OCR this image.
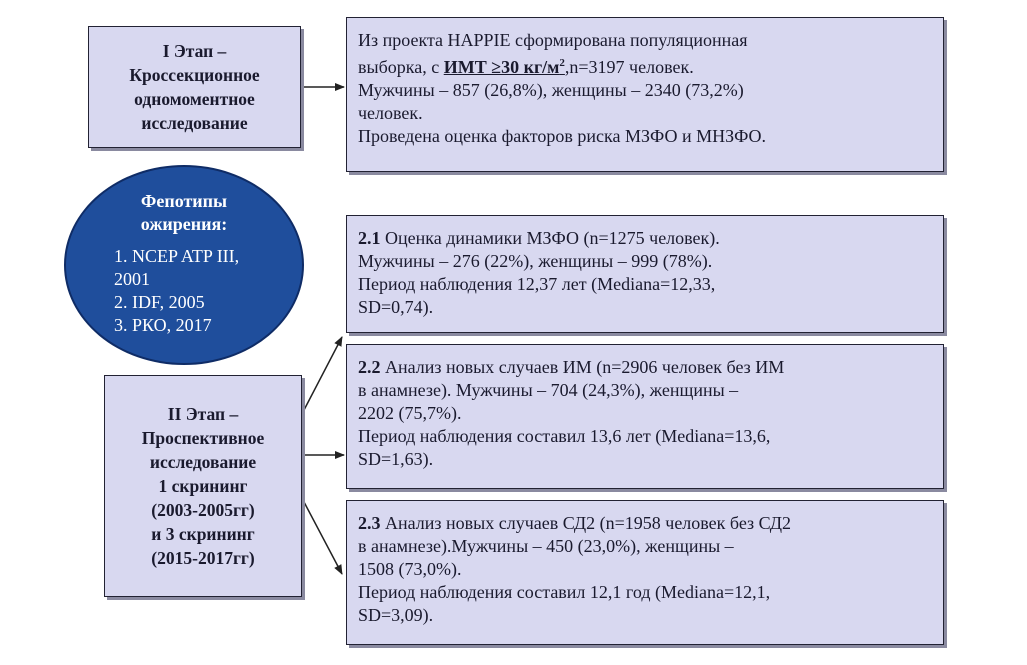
I Этап –
Кроссекционное
одномоментное
исследование
Фепотипы
ожирения:
1. NCEP ATP III,
2001
2. IDF, 2005
3. РКО, 2017
II Этап –
Проспективное
исследование
1 скрининг
(2003-2005гг)
и 3 скрининг
(2015-2017гг)
Из проекта HAPPIE сформирована популяционная
выборка, с ИМТ ≥30 $кг/м^2,n=3197$ человек.
Мужчины – 857 (26,8%), женщины – 2340 (73,2%)
человек.
Проведена оценка факторов риска МЗФО и МНЗФО.
2.1 Оценка динамики МЗФО (n=1275 человек).
Мужчины – 276 (22%), женщины – 999 (78%).
Период наблюдения 12,37 лет (Mediana=12,33,
SD=0,74).
2.2 Анализ новых случаев ИМ (n=2906 человек без ИМ
в анамнезе). Мужчины – 704 (24,3%), женщины –
2202 (75,7%).
Период наблюдения составил 13,6 лет (Mediana=13,6,
SD=1,63).
2.3 Анализ новых случаев СД2 (n=1958 человек без СД2
в анамнезе).Мужчины – 450 (23,0%), женщины –
1508 (73,0%).
Период наблюдения составил 12,1 год (Mediana=12,1,
SD=3,09).
